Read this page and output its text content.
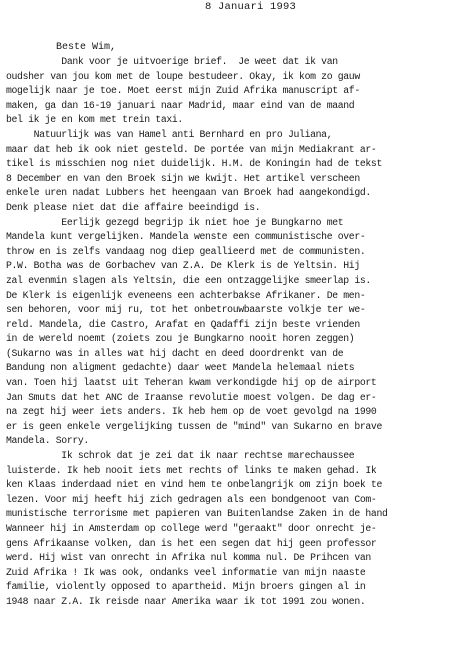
8 Januari 1993
Beste Wim,
Dank voor je uitvoerige brief.  Je weet dat ik van
oudsher van jou kom met de loupe bestudeer. Okay, ik kom zo gauw
mogelijk naar je toe. Moet eerst mijn Zuid Afrika manuscript af-
maken, ga dan 16-19 januari naar Madrid, maar eind van de maand
bel ik je en kom met trein taxi.
Natuurlijk was van Hamel anti Bernhard en pro Juliana,
maar dat heb ik ook niet gesteld. De portée van mijn Mediakrant ar-
tikel is misschien nog niet duidelijk. H.M. de Koningin had de tekst
8 December en van den Broek sijn we kwijt. Het artikel verscheen
enkele uren nadat Lubbers het heengaan van Broek had aangekondigd.
Denk please niet dat die affaire beeindigd is.
Eerlijk gezegd begrijp ik niet hoe je Bungkarno met
Mandela kunt vergelijken. Mandela wenste een communistische over-
throw en is zelfs vandaag nog diep geallieerd met de communisten.
P.W. Botha was de Gorbachev van Z.A. De Klerk is de Yeltsin. Hij
zal evenmin slagen als Yeltsin, die een ontzaggelijke smeerlap is.
De Klerk is eigenlijk eveneens een achterbakse Afrikaner. De men-
sen behoren, voor mij ru, tot het onbetrouwbaarste volkje ter we-
reld. Mandela, die Castro, Arafat en Qadaffi zijn beste vrienden
in de wereld noemt (zoiets zou je Bungkarno nooit horen zeggen)
(Sukarno was in alles wat hij dacht en deed doordrenkt van de
Bandung non aligment gedachte) daar weet Mandela helemaal niets
van. Toen hij laatst uit Teheran kwam verkondigde hij op de airport
Jan Smuts dat het ANC de Iraanse revolutie moest volgen. De dag er-
na zegt hij weer iets anders. Ik heb hem op de voet gevolgd na 1990
er is geen enkele vergelijking tussen de "mind" van Sukarno en brave
Mandela. Sorry.
Ik schrok dat je zei dat ik naar rechtse marechaussee
luisterde. Ik heb nooit iets met rechts of links te maken gehad. Ik
ken Klaas inderdaad niet en vind hem te onbelangrijk om zijn boek te
lezen. Voor mij heeft hij zich gedragen als een bondgenoot van Com-
munistische terrorisme met papieren van Buitenlandse Zaken in de hand
Wanneer hij in Amsterdam op college werd "geraakt" door onrecht je-
gens Afrikaanse volken, dan is het een segen dat hij geen professor
werd. Hij wist van onrecht in Afrika nul komma nul. De Prihcen van
Zuid Afrika ! Ik was ook, ondanks veel informatie van mijn naaste
familie, violently opposed to apartheid. Mijn broers gingen al in
1948 naar Z.A. Ik reisde naar Amerika waar ik tot 1991 zou wonen.
